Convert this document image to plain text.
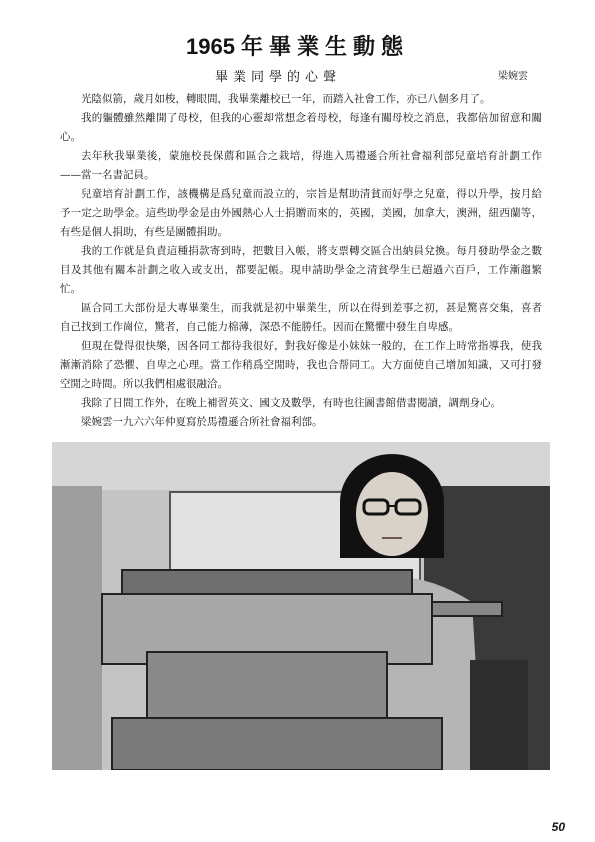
1965 年畢業生動態

畢業同學的心聲	梁婉雲

光陰似箭，歲月如梭，轉眼間，我畢業離校已一年，而踏入社會工作，亦已八個多月了。

我的軀體雖然離開了母校，但我的心靈却常想念着母校，每逢有關母校之消息，我都倍加留意和關心。

去年秋我畢業後，蒙施校長保薦和區合之栽培，得進入馬禮遜合所社會福利部兒童培育計劃工作——當一名書記員。

兒童培育計劃工作，該機構是爲兒童而設立的，宗旨是幫助清貧而好學之兒童，得以升學，按月給予一定之助學金。這些助學金是由外國熱心人士捐贈而來的，英國，美國，加拿大，澳洲，紐西蘭等，有些是個人捐助，有些是團體捐助。

我的工作就是負責這種捐款寄到時，把數目入帳，將支票轉交區合出納員兌換。每月發助學金之數目及其他有關本計劃之收入或支出，都要記帳。現申請助學金之清貧學生已超過六百戶，工作漸趨繁忙。

區合同工大部份是大專畢業生，而我就是初中畢業生，所以在得到差事之初，甚是驚喜交集，喜者自己找到工作崗位，驚者，自己能力棉薄，深恐不能勝任。因而在驚懼中發生自卑感。

但現在覺得很快樂，因各同工都待我很好，對我好像是小妹妹一般的，在工作上時常指導我，使我漸漸消除了恐懼、自卑之心理。當工作稍爲空閒時，我也合帮同工。大方面使自己增加知識，又可打發空閒之時間。所以我們相處很融洽。

我除了日間工作外，在晚上補習英文、國文及數學，有時也往圖書館借書閱讀，調劑身心。

梁婉雲一九六六年仲夏寫於馬禮遜合所社會福利部。

50
